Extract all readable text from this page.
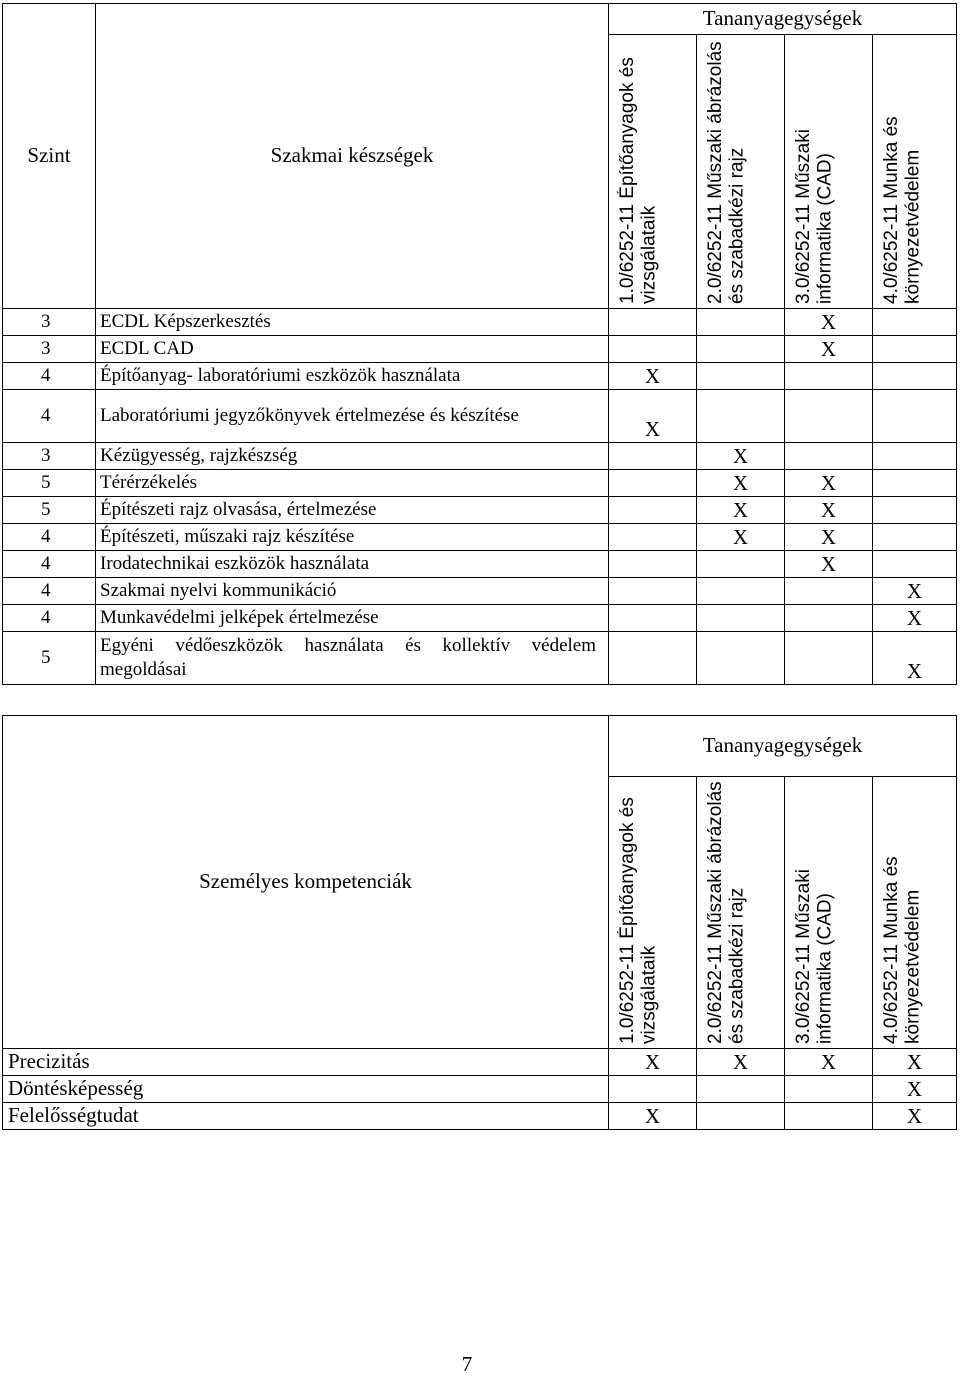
Szint	Szakmai készségek	Tananyagegységek			

		1.0/6252-11 Építőanyagok és vizsgálataik	2.0/6252-11 Műszaki ábrázolás és szabadkézi rajz	3.0/6252-11 Műszaki informatika (CAD)	4.0/6252-11 Munka és környezetvédelem

3	ECDL Képszerkesztés			X	
3	ECDL CAD			X	
4	Építőanyag- laboratóriumi eszközök használata	X			
4	Laboratóriumi jegyzőkönyvek értelmezése és készítése	X			
3	Kézügyesség, rajzkészség		X		
5	Térérzékelés		X	X	
5	Építészeti rajz olvasása, értelmezése		X	X	
4	Építészeti, műszaki rajz készítése		X	X	
4	Irodatechnikai eszközök használata			X	
4	Szakmai nyelvi kommunikáció				X
4	Munkavédelmi jelképek értelmezése				X
5	Egyéni védőeszközök használata és kollektív védelem megoldásai				X
Személyes kompetenciák	Tananyagegységek			

	1.0/6252-11 Építőanyagok és vizsgálataik	2.0/6252-11 Műszaki ábrázolás és szabadkézi rajz	3.0/6252-11 Műszaki informatika (CAD)	4.0/6252-11 Munka és környezetvédelem

Precizitás	X	X	X	X
Döntésképesség				X
Felelősségtudat	X			X
7
